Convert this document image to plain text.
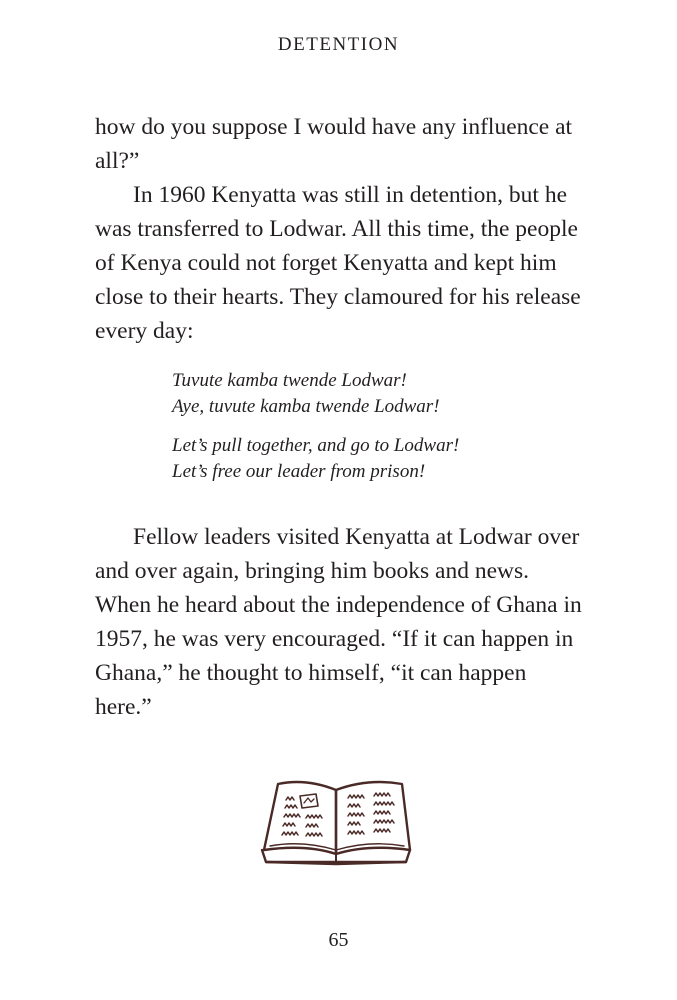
DETENTION

how do you suppose I would have any influence at all?”

In 1960 Kenyatta was still in detention, but he was transferred to Lodwar. All this time, the people of Kenya could not forget Kenyatta and kept him close to their hearts. They clamoured for his release every day:

Tuvute kamba twende Lodwar!
Aye, tuvute kamba twende Lodwar!
Let’s pull together, and go to Lodwar!
Let’s free our leader from prison!

Fellow leaders visited Kenyatta at Lodwar over and over again, bringing him books and news. When he heard about the independence of Ghana in 1957, he was very encouraged. “If it can happen in Ghana,” he thought to himself, “it can happen here.”

65
